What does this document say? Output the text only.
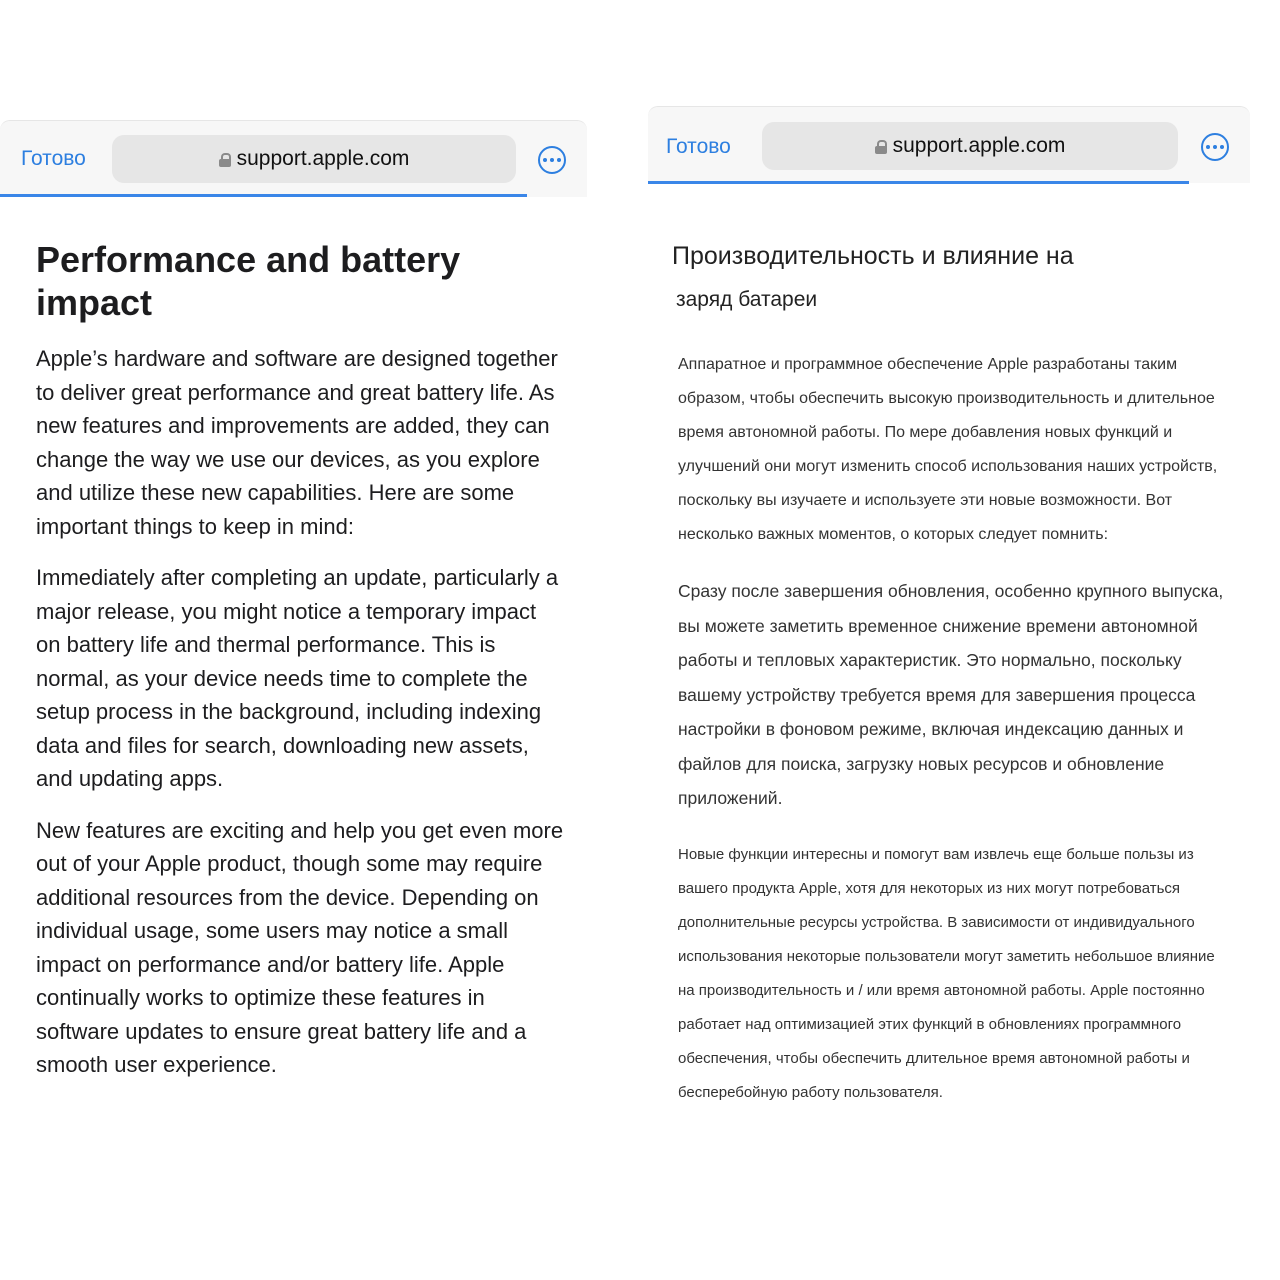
Готово	support.apple.com
Performance and battery impact

Apple’s hardware and software are designed together to deliver great performance and great battery life. As new features and improvements are added, they can change the way we use our devices, as you explore and utilize these new capabilities. Here are some important things to keep in mind:

Immediately after completing an update, particularly a major release, you might notice a temporary impact on battery life and thermal performance. This is normal, as your device needs time to complete the setup process in the background, including indexing data and files for search, downloading new assets, and updating apps.

New features are exciting and help you get even more out of your Apple product, though some may require additional resources from the device. Depending on individual usage, some users may notice a small impact on performance and/or battery life. Apple continually works to optimize these features in software updates to ensure great battery life and a smooth user experience.

Готово	support.apple.com
Производительность и влияние на
заряд батареи

Аппаратное и программное обеспечение Apple разработаны таким образом, чтобы обеспечить высокую производительность и длительное время автономной работы. По мере добавления новых функций и улучшений они могут изменить способ использования наших устройств, поскольку вы изучаете и используете эти новые возможности. Вот несколько важных моментов, о которых следует помнить:

Сразу после завершения обновления, особенно крупного выпуска, вы можете заметить временное снижение времени автономной работы и тепловых характеристик. Это нормально, поскольку вашему устройству требуется время для завершения процесса настройки в фоновом режиме, включая индексацию данных и файлов для поиска, загрузку новых ресурсов и обновление приложений.

Новые функции интересны и помогут вам извлечь еще больше пользы из вашего продукта Apple, хотя для некоторых из них могут потребоваться дополнительные ресурсы устройства. В зависимости от индивидуального использования некоторые пользователи могут заметить небольшое влияние на производительность и / или время автономной работы. Apple постоянно работает над оптимизацией этих функций в обновлениях программного обеспечения, чтобы обеспечить длительное время автономной работы и бесперебойную работу пользователя.
